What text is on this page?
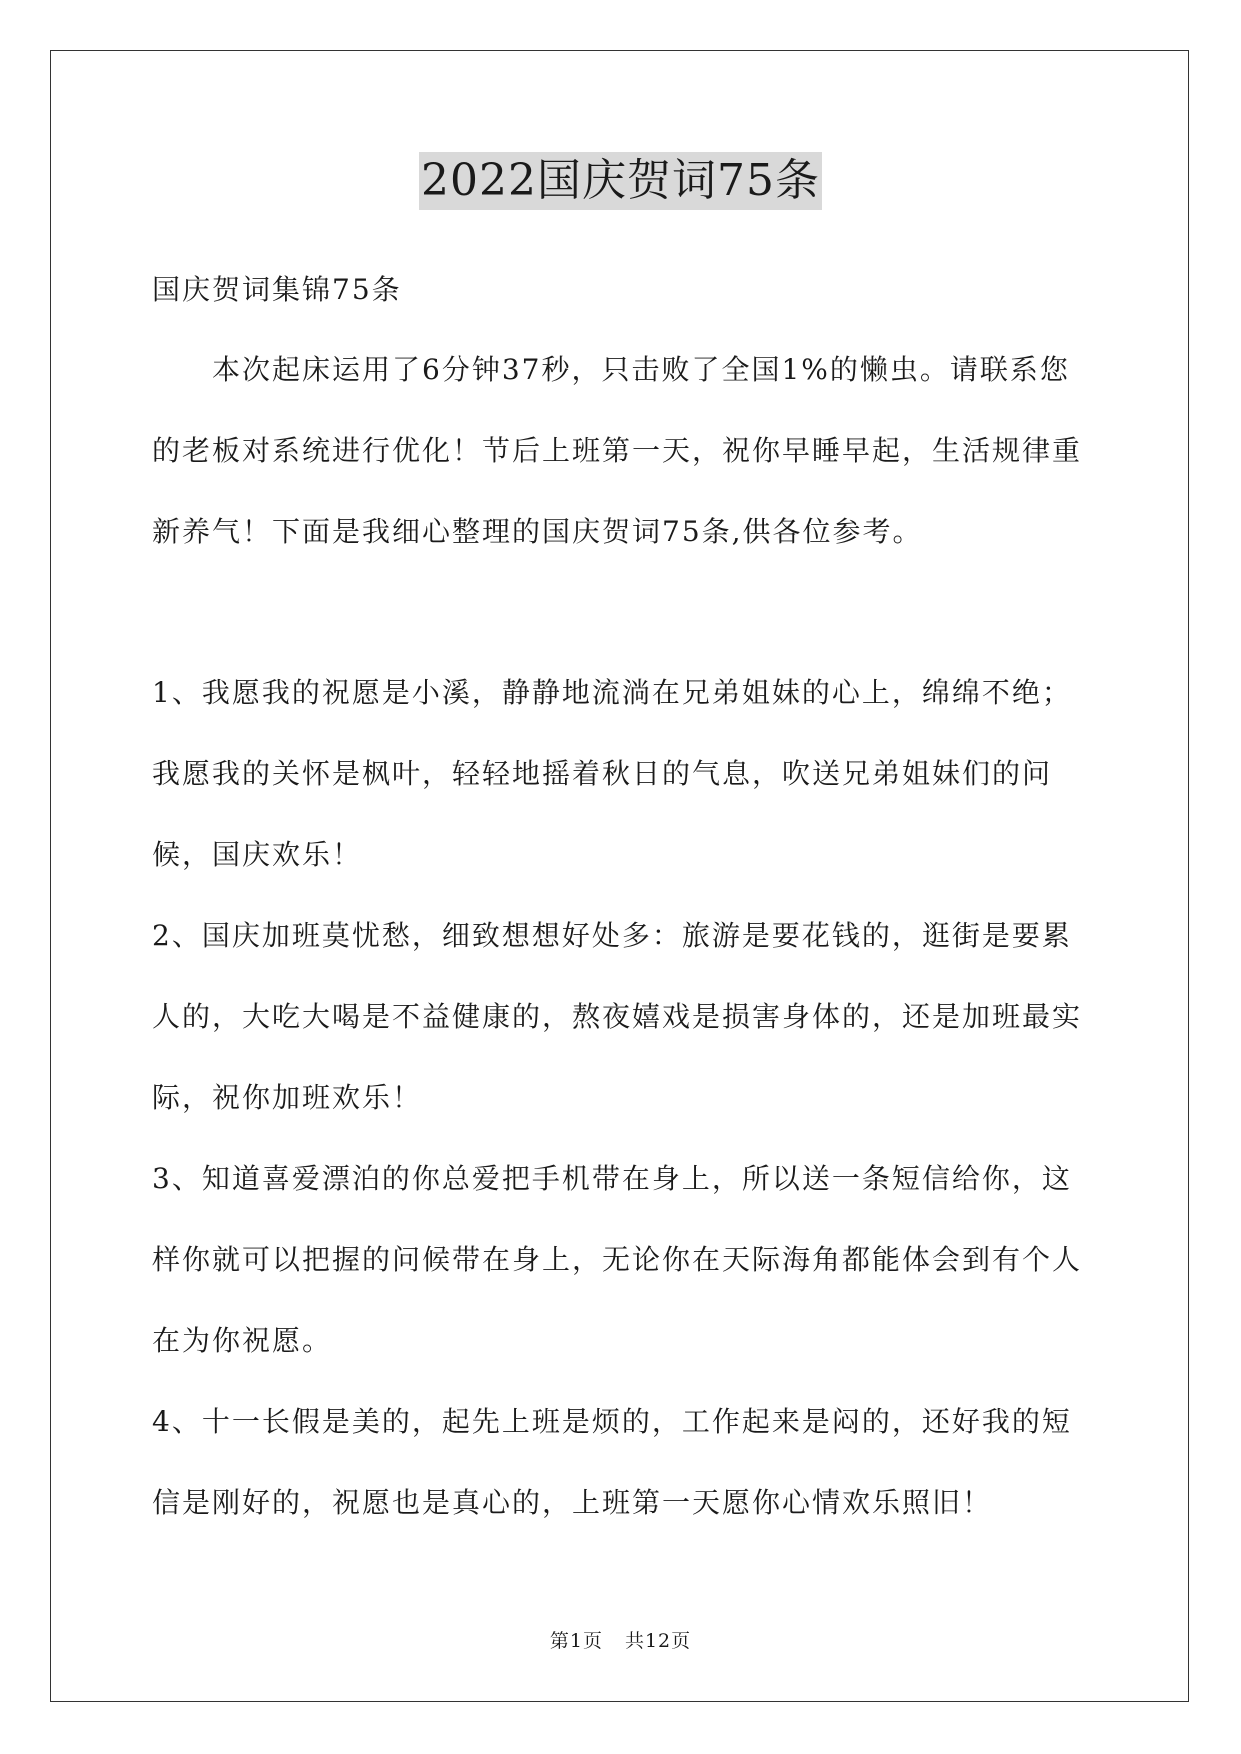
2022国庆贺词75条
国庆贺词集锦75条
本次起床运用了6分钟37秒，只击败了全国1%的懒虫。请联系您的老板对系统进行优化！节后上班第一天，祝你早睡早起，生活规律重新养气！下面是我细心整理的国庆贺词75条,供各位参考。

1、我愿我的祝愿是小溪，静静地流淌在兄弟姐妹的心上，绵绵不绝；我愿我的关怀是枫叶，轻轻地摇着秋日的气息，吹送兄弟姐妹们的问候，国庆欢乐！

2、国庆加班莫忧愁，细致想想好处多：旅游是要花钱的，逛街是要累人的，大吃大喝是不益健康的，熬夜嬉戏是损害身体的，还是加班最实际，祝你加班欢乐！

3、知道喜爱漂泊的你总爱把手机带在身上，所以送一条短信给你，这样你就可以把握的问候带在身上，无论你在天际海角都能体会到有个人在为你祝愿。

4、十一长假是美的，起先上班是烦的，工作起来是闷的，还好我的短信是刚好的，祝愿也是真心的，上班第一天愿你心情欢乐照旧！

第1页 共12页
